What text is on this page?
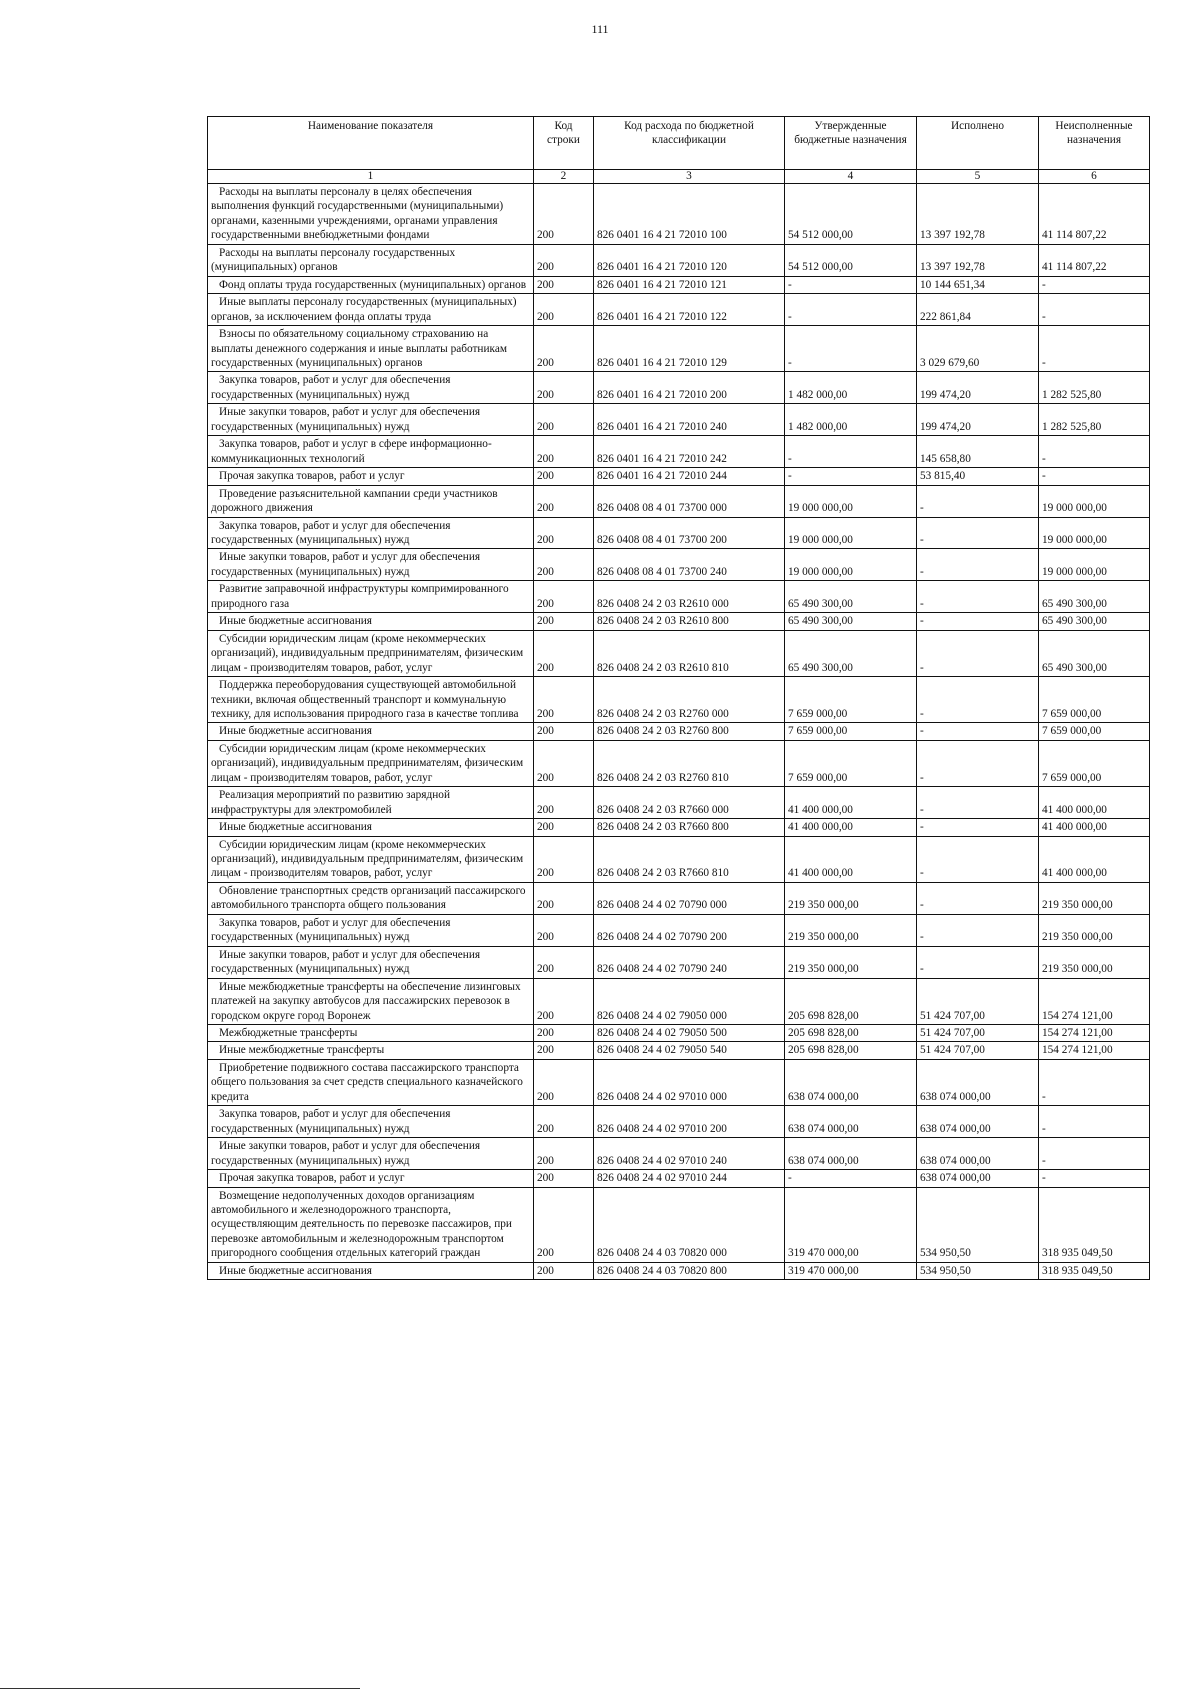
111
Наименование показателя	Код строки	Код расхода по бюджетной классификации	Утвержденные бюджетные назначения	Исполнено	Неисполненные назначения
1	2	3	4	5	6
Расходы на выплаты персоналу в целях обеспечения выполнения функций государственными (муниципальными) органами, казенными учреждениями, органами управления государственными внебюджетными фондами	200	826 0401 16 4 21 72010 100	54 512 000,00	13 397 192,78	41 114 807,22
Расходы на выплаты персоналу государственных (муниципальных) органов	200	826 0401 16 4 21 72010 120	54 512 000,00	13 397 192,78	41 114 807,22
Фонд оплаты труда государственных (муниципальных) органов	200	826 0401 16 4 21 72010 121	-	10 144 651,34	-
Иные выплаты персоналу государственных (муниципальных) органов, за исключением фонда оплаты труда	200	826 0401 16 4 21 72010 122	-	222 861,84	-
Взносы по обязательному социальному страхованию на выплаты денежного содержания и иные выплаты работникам государственных (муниципальных) органов	200	826 0401 16 4 21 72010 129	-	3 029 679,60	-
Закупка товаров, работ и услуг для обеспечения государственных (муниципальных) нужд	200	826 0401 16 4 21 72010 200	1 482 000,00	199 474,20	1 282 525,80
Иные закупки товаров, работ и услуг для обеспечения государственных (муниципальных) нужд	200	826 0401 16 4 21 72010 240	1 482 000,00	199 474,20	1 282 525,80
Закупка товаров, работ и услуг в сфере информационно-коммуникационных технологий	200	826 0401 16 4 21 72010 242	-	145 658,80	-
Прочая закупка товаров, работ и услуг	200	826 0401 16 4 21 72010 244	-	53 815,40	-
Проведение разъяснительной кампании среди участников дорожного движения	200	826 0408 08 4 01 73700 000	19 000 000,00	-	19 000 000,00
Закупка товаров, работ и услуг для обеспечения государственных (муниципальных) нужд	200	826 0408 08 4 01 73700 200	19 000 000,00	-	19 000 000,00
Иные закупки товаров, работ и услуг для обеспечения государственных (муниципальных) нужд	200	826 0408 08 4 01 73700 240	19 000 000,00	-	19 000 000,00
Развитие заправочной инфраструктуры компримированного природного газа	200	826 0408 24 2 03 R2610 000	65 490 300,00	-	65 490 300,00
Иные бюджетные ассигнования	200	826 0408 24 2 03 R2610 800	65 490 300,00	-	65 490 300,00
Субсидии юридическим лицам (кроме некоммерческих организаций), индивидуальным предпринимателям, физическим лицам - производителям товаров, работ, услуг	200	826 0408 24 2 03 R2610 810	65 490 300,00	-	65 490 300,00
Поддержка переоборудования существующей автомобильной техники, включая общественный транспорт и коммунальную технику, для использования природного газа в качестве топлива	200	826 0408 24 2 03 R2760 000	7 659 000,00	-	7 659 000,00
Иные бюджетные ассигнования	200	826 0408 24 2 03 R2760 800	7 659 000,00	-	7 659 000,00
Субсидии юридическим лицам (кроме некоммерческих организаций), индивидуальным предпринимателям, физическим лицам - производителям товаров, работ, услуг	200	826 0408 24 2 03 R2760 810	7 659 000,00	-	7 659 000,00
Реализация мероприятий по развитию зарядной инфраструктуры для электромобилей	200	826 0408 24 2 03 R7660 000	41 400 000,00	-	41 400 000,00
Иные бюджетные ассигнования	200	826 0408 24 2 03 R7660 800	41 400 000,00	-	41 400 000,00
Субсидии юридическим лицам (кроме некоммерческих организаций), индивидуальным предпринимателям, физическим лицам - производителям товаров, работ, услуг	200	826 0408 24 2 03 R7660 810	41 400 000,00	-	41 400 000,00
Обновление транспортных средств организаций пассажирского автомобильного транспорта общего пользования	200	826 0408 24 4 02 70790 000	219 350 000,00	-	219 350 000,00
Закупка товаров, работ и услуг для обеспечения государственных (муниципальных) нужд	200	826 0408 24 4 02 70790 200	219 350 000,00	-	219 350 000,00
Иные закупки товаров, работ и услуг для обеспечения государственных (муниципальных) нужд	200	826 0408 24 4 02 70790 240	219 350 000,00	-	219 350 000,00
Иные межбюджетные трансферты на обеспечение лизинговых платежей на закупку автобусов для пассажирских перевозок в городском округе город Воронеж	200	826 0408 24 4 02 79050 000	205 698 828,00	51 424 707,00	154 274 121,00
Межбюджетные трансферты	200	826 0408 24 4 02 79050 500	205 698 828,00	51 424 707,00	154 274 121,00
Иные межбюджетные трансферты	200	826 0408 24 4 02 79050 540	205 698 828,00	51 424 707,00	154 274 121,00
Приобретение подвижного состава пассажирского транспорта общего пользования за счет средств специального казначейского кредита	200	826 0408 24 4 02 97010 000	638 074 000,00	638 074 000,00	-
Закупка товаров, работ и услуг для обеспечения государственных (муниципальных) нужд	200	826 0408 24 4 02 97010 200	638 074 000,00	638 074 000,00	-
Иные закупки товаров, работ и услуг для обеспечения государственных (муниципальных) нужд	200	826 0408 24 4 02 97010 240	638 074 000,00	638 074 000,00	-
Прочая закупка товаров, работ и услуг	200	826 0408 24 4 02 97010 244	-	638 074 000,00	-
Возмещение недополученных доходов организациям автомобильного и железнодорожного транспорта, осуществляющим деятельность по перевозке пассажиров, при перевозке автомобильным и железнодорожным транспортом пригородного сообщения отдельных категорий граждан	200	826 0408 24 4 03 70820 000	319 470 000,00	534 950,50	318 935 049,50
Иные бюджетные ассигнования	200	826 0408 24 4 03 70820 800	319 470 000,00	534 950,50	318 935 049,50
